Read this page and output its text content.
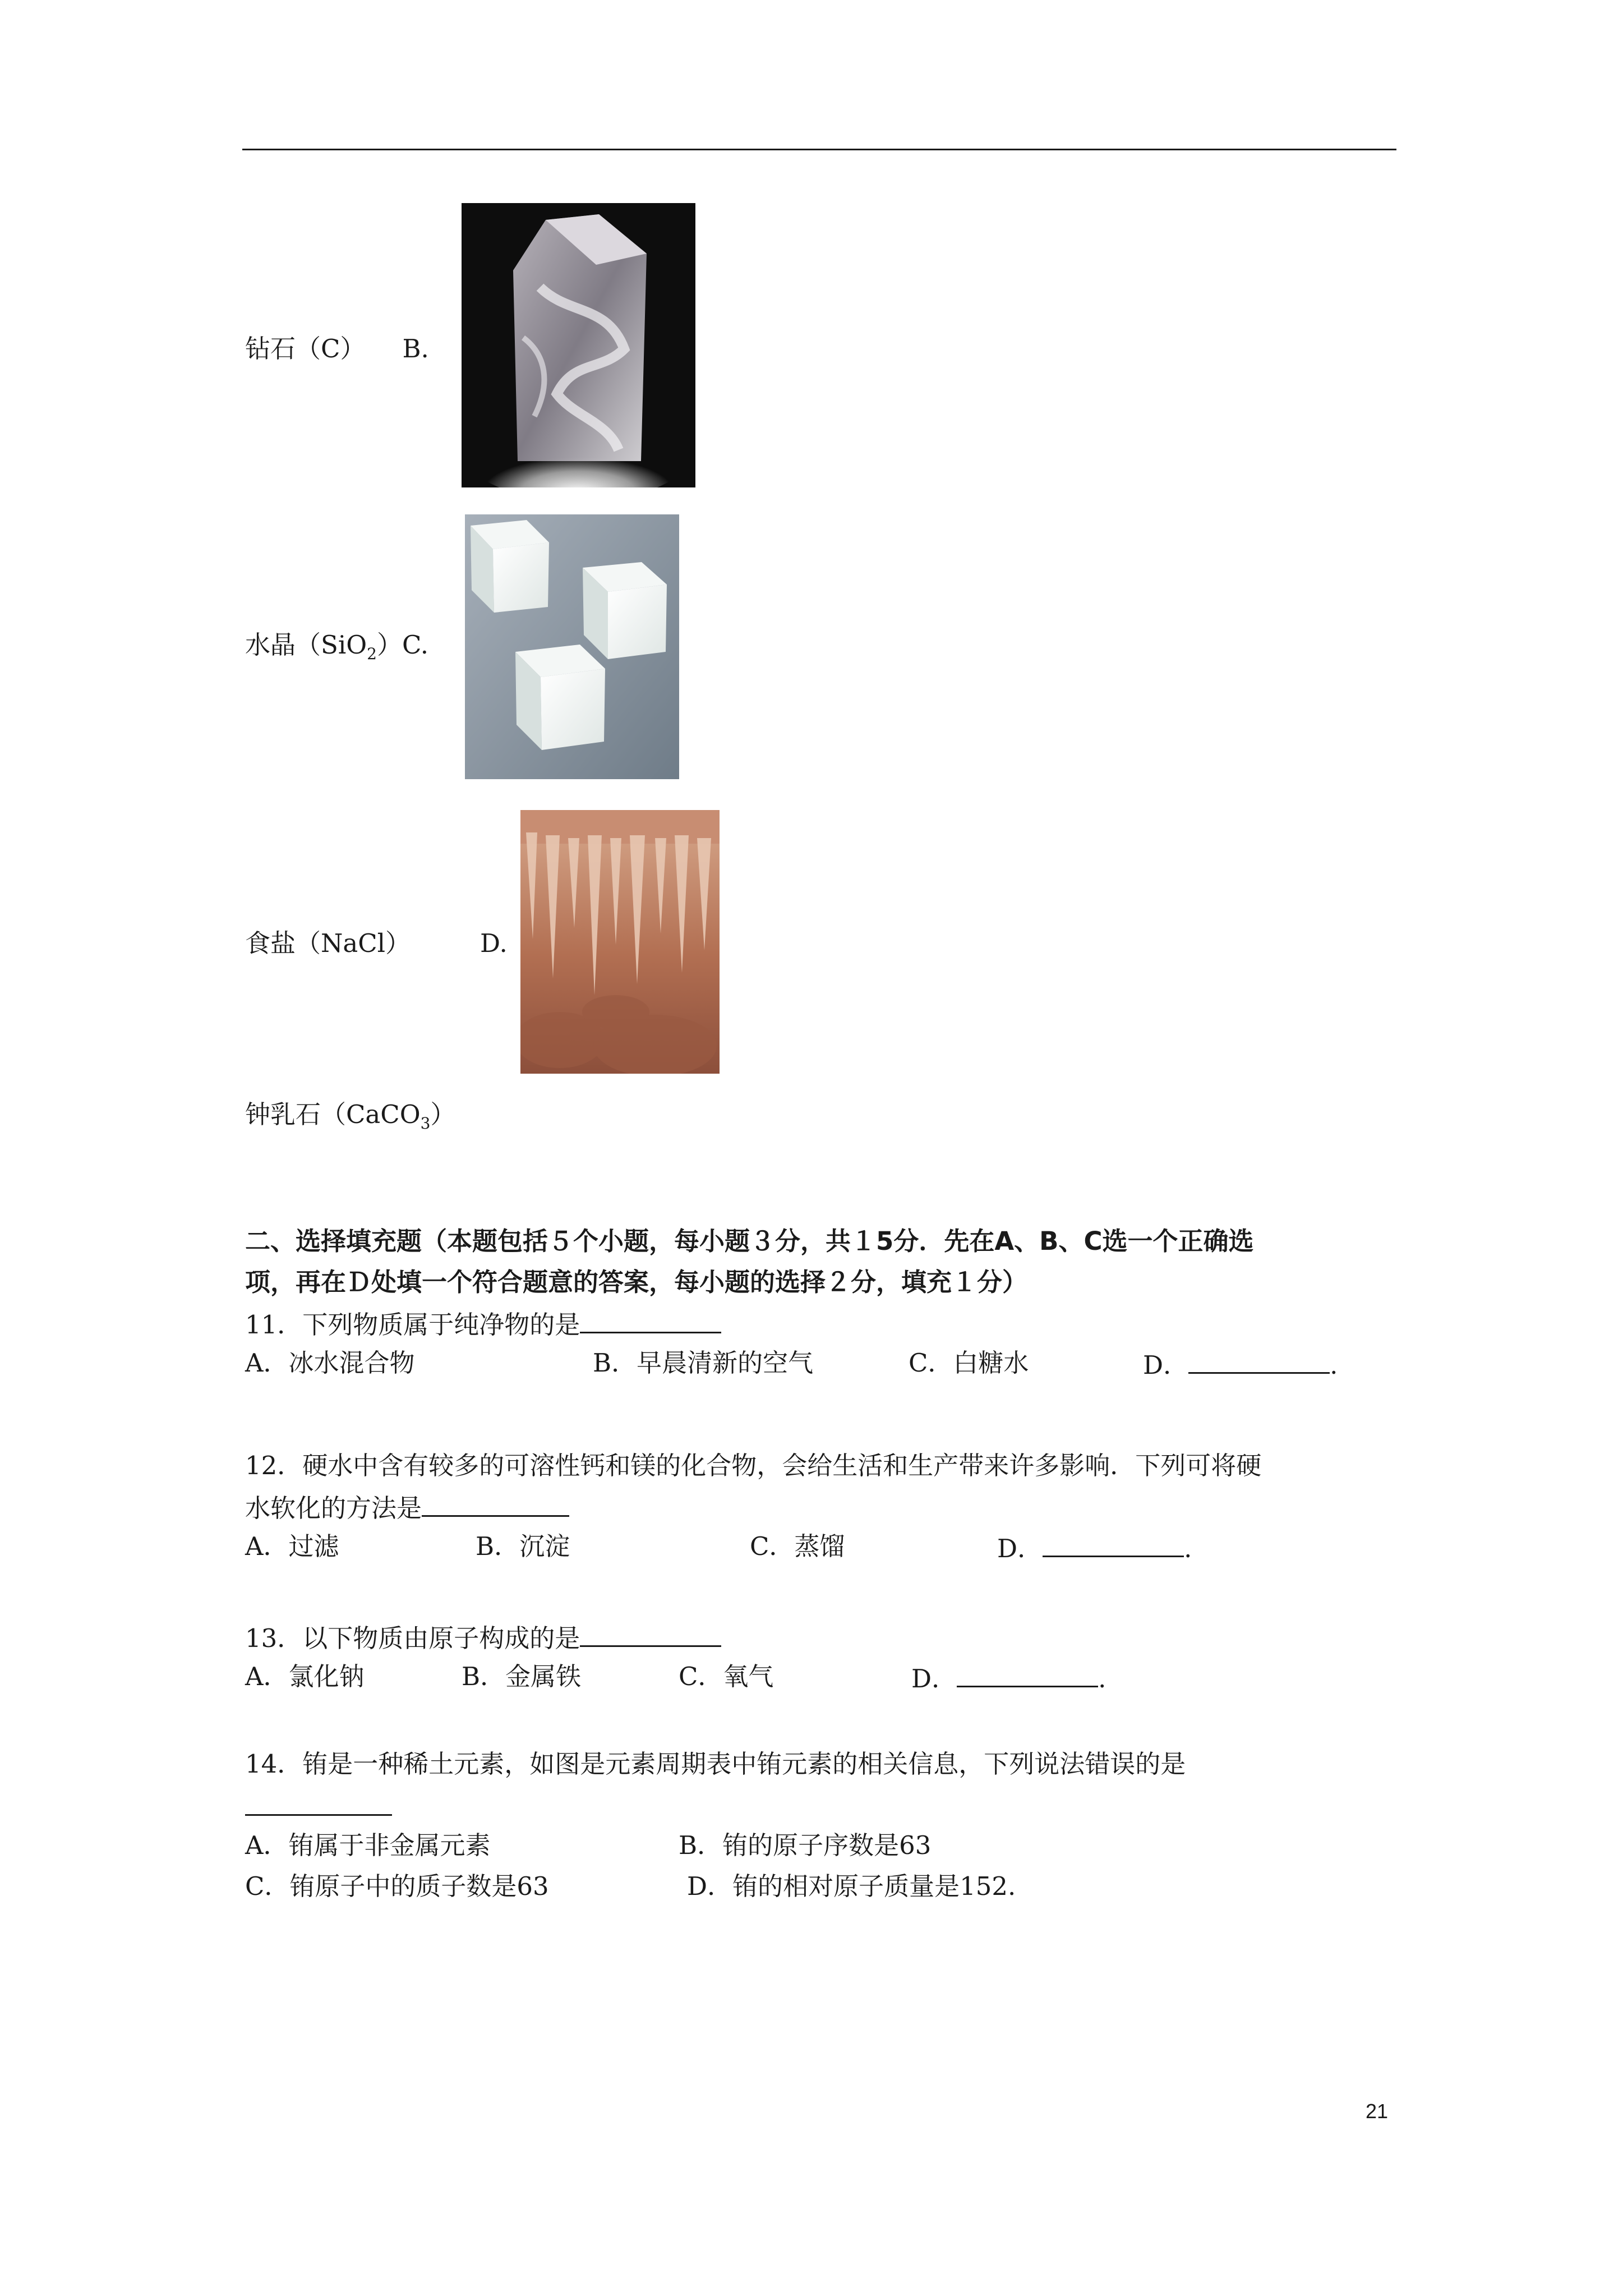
钻石（C） B.
水晶（SiO$_2$）C.
食盐（NaCl）	D.
钟乳石（CaCO$_3$）
二、选择填充题（本题包括５个小题，每小题３分，共１5分．先在A、B、C选一个正确选
项，再在Ｄ处填一个符合题意的答案，每小题的选择２分，填充１分）
11．下列物质属于纯净物的是
A．冰水混合物	B．早晨清新的空气	C．白糖水	D．	.
12．硬水中含有较多的可溶性钙和镁的化合物，会给生活和生产带来许多影响．下列可将硬
水软化的方法是
A．过滤	B．沉淀	C．蒸馏	D．	.
13．以下物质由原子构成的是
A．氯化钠	B．金属铁	C．氧气	D．	.
14．铕是一种稀土元素，如图是元素周期表中铕元素的相关信息，下列说法错误的是
A．铕属于非金属元素	B．铕的原子序数是63
C．铕原子中的质子数是63	D．铕的相对原子质量是152.
21
